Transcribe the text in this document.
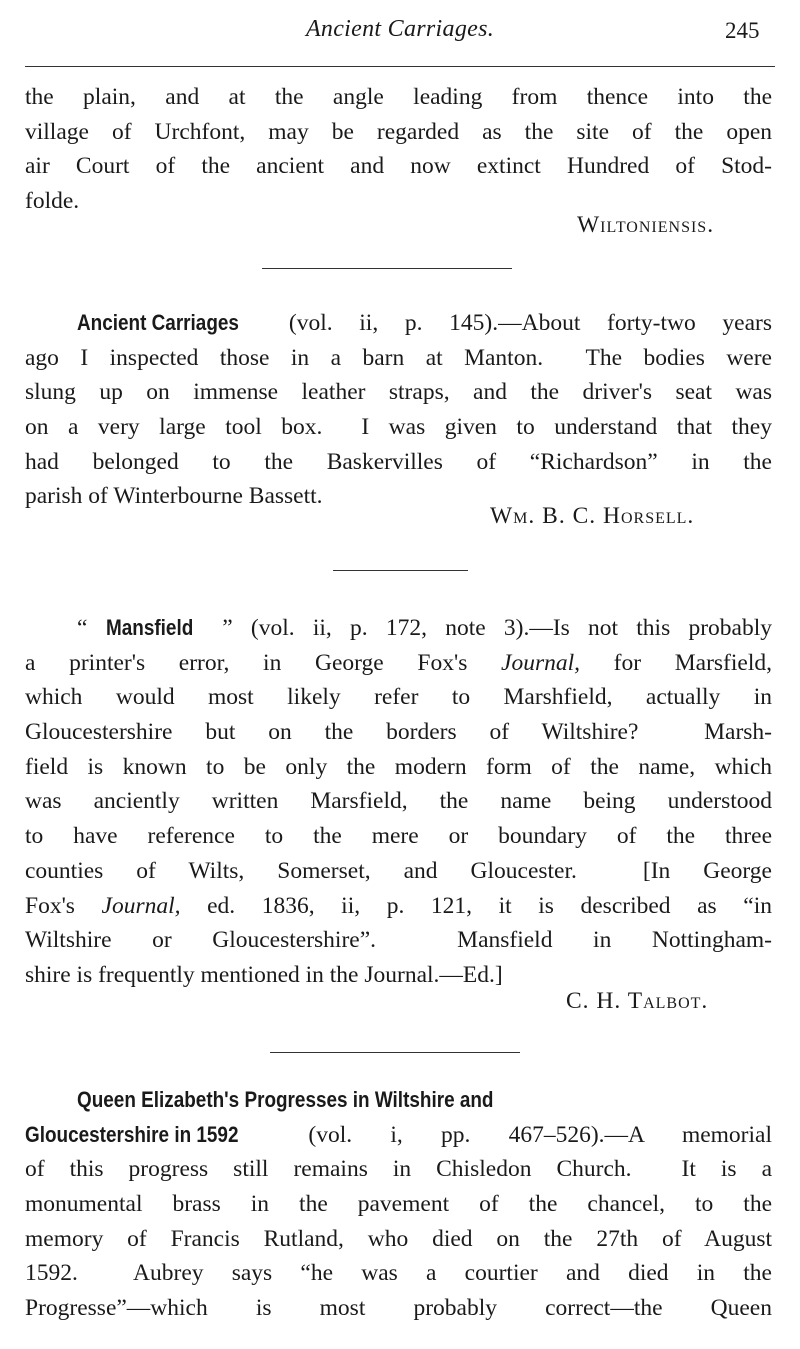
Ancient Carriages.	245
the plain, and at the angle leading from thence into the
village of Urchfont, may be regarded as the site of the open
air Court of the ancient and now extinct Hundred of Stod-
folde.
Wiltoniensis.
Ancient Carriages (vol. ii, p. 145).—About forty-two years
ago I inspected those in a barn at Manton.  The bodies were
slung up on immense leather straps, and the driver's seat was
on a very large tool box.  I was given to understand that they
had belonged to the Baskervilles of “Richardson” in the
parish of Winterbourne Bassett.
Wm. B. C. Horsell.
“ Mansfield ” (vol. ii, p. 172, note 3).—Is not this probably
a printer's error, in George Fox's Journal, for Marsfield,
which would most likely refer to Marshfield, actually in
Gloucestershire but on the borders of Wiltshire?  Marsh-
field is known to be only the modern form of the name, which
was anciently written Marsfield, the name being understood
to have reference to the mere or boundary of the three
counties of Wilts, Somerset, and Gloucester.  [In George
Fox's Journal, ed. 1836, ii, p. 121, it is described as “in
Wiltshire or Gloucestershire”.  Mansfield in Nottingham-
shire is frequently mentioned in the Journal.—Ed.]
C. H. Talbot.
Queen Elizabeth's Progresses in Wiltshire and
Gloucestershire in 1592 (vol. i, pp. 467–526).—A memorial
of this progress still remains in Chisledon Church.  It is a
monumental brass in the pavement of the chancel, to the
memory of Francis Rutland, who died on the 27th of August
1592.  Aubrey says “he was a courtier and died in the
Progresse”—which is most probably correct—the Queen
